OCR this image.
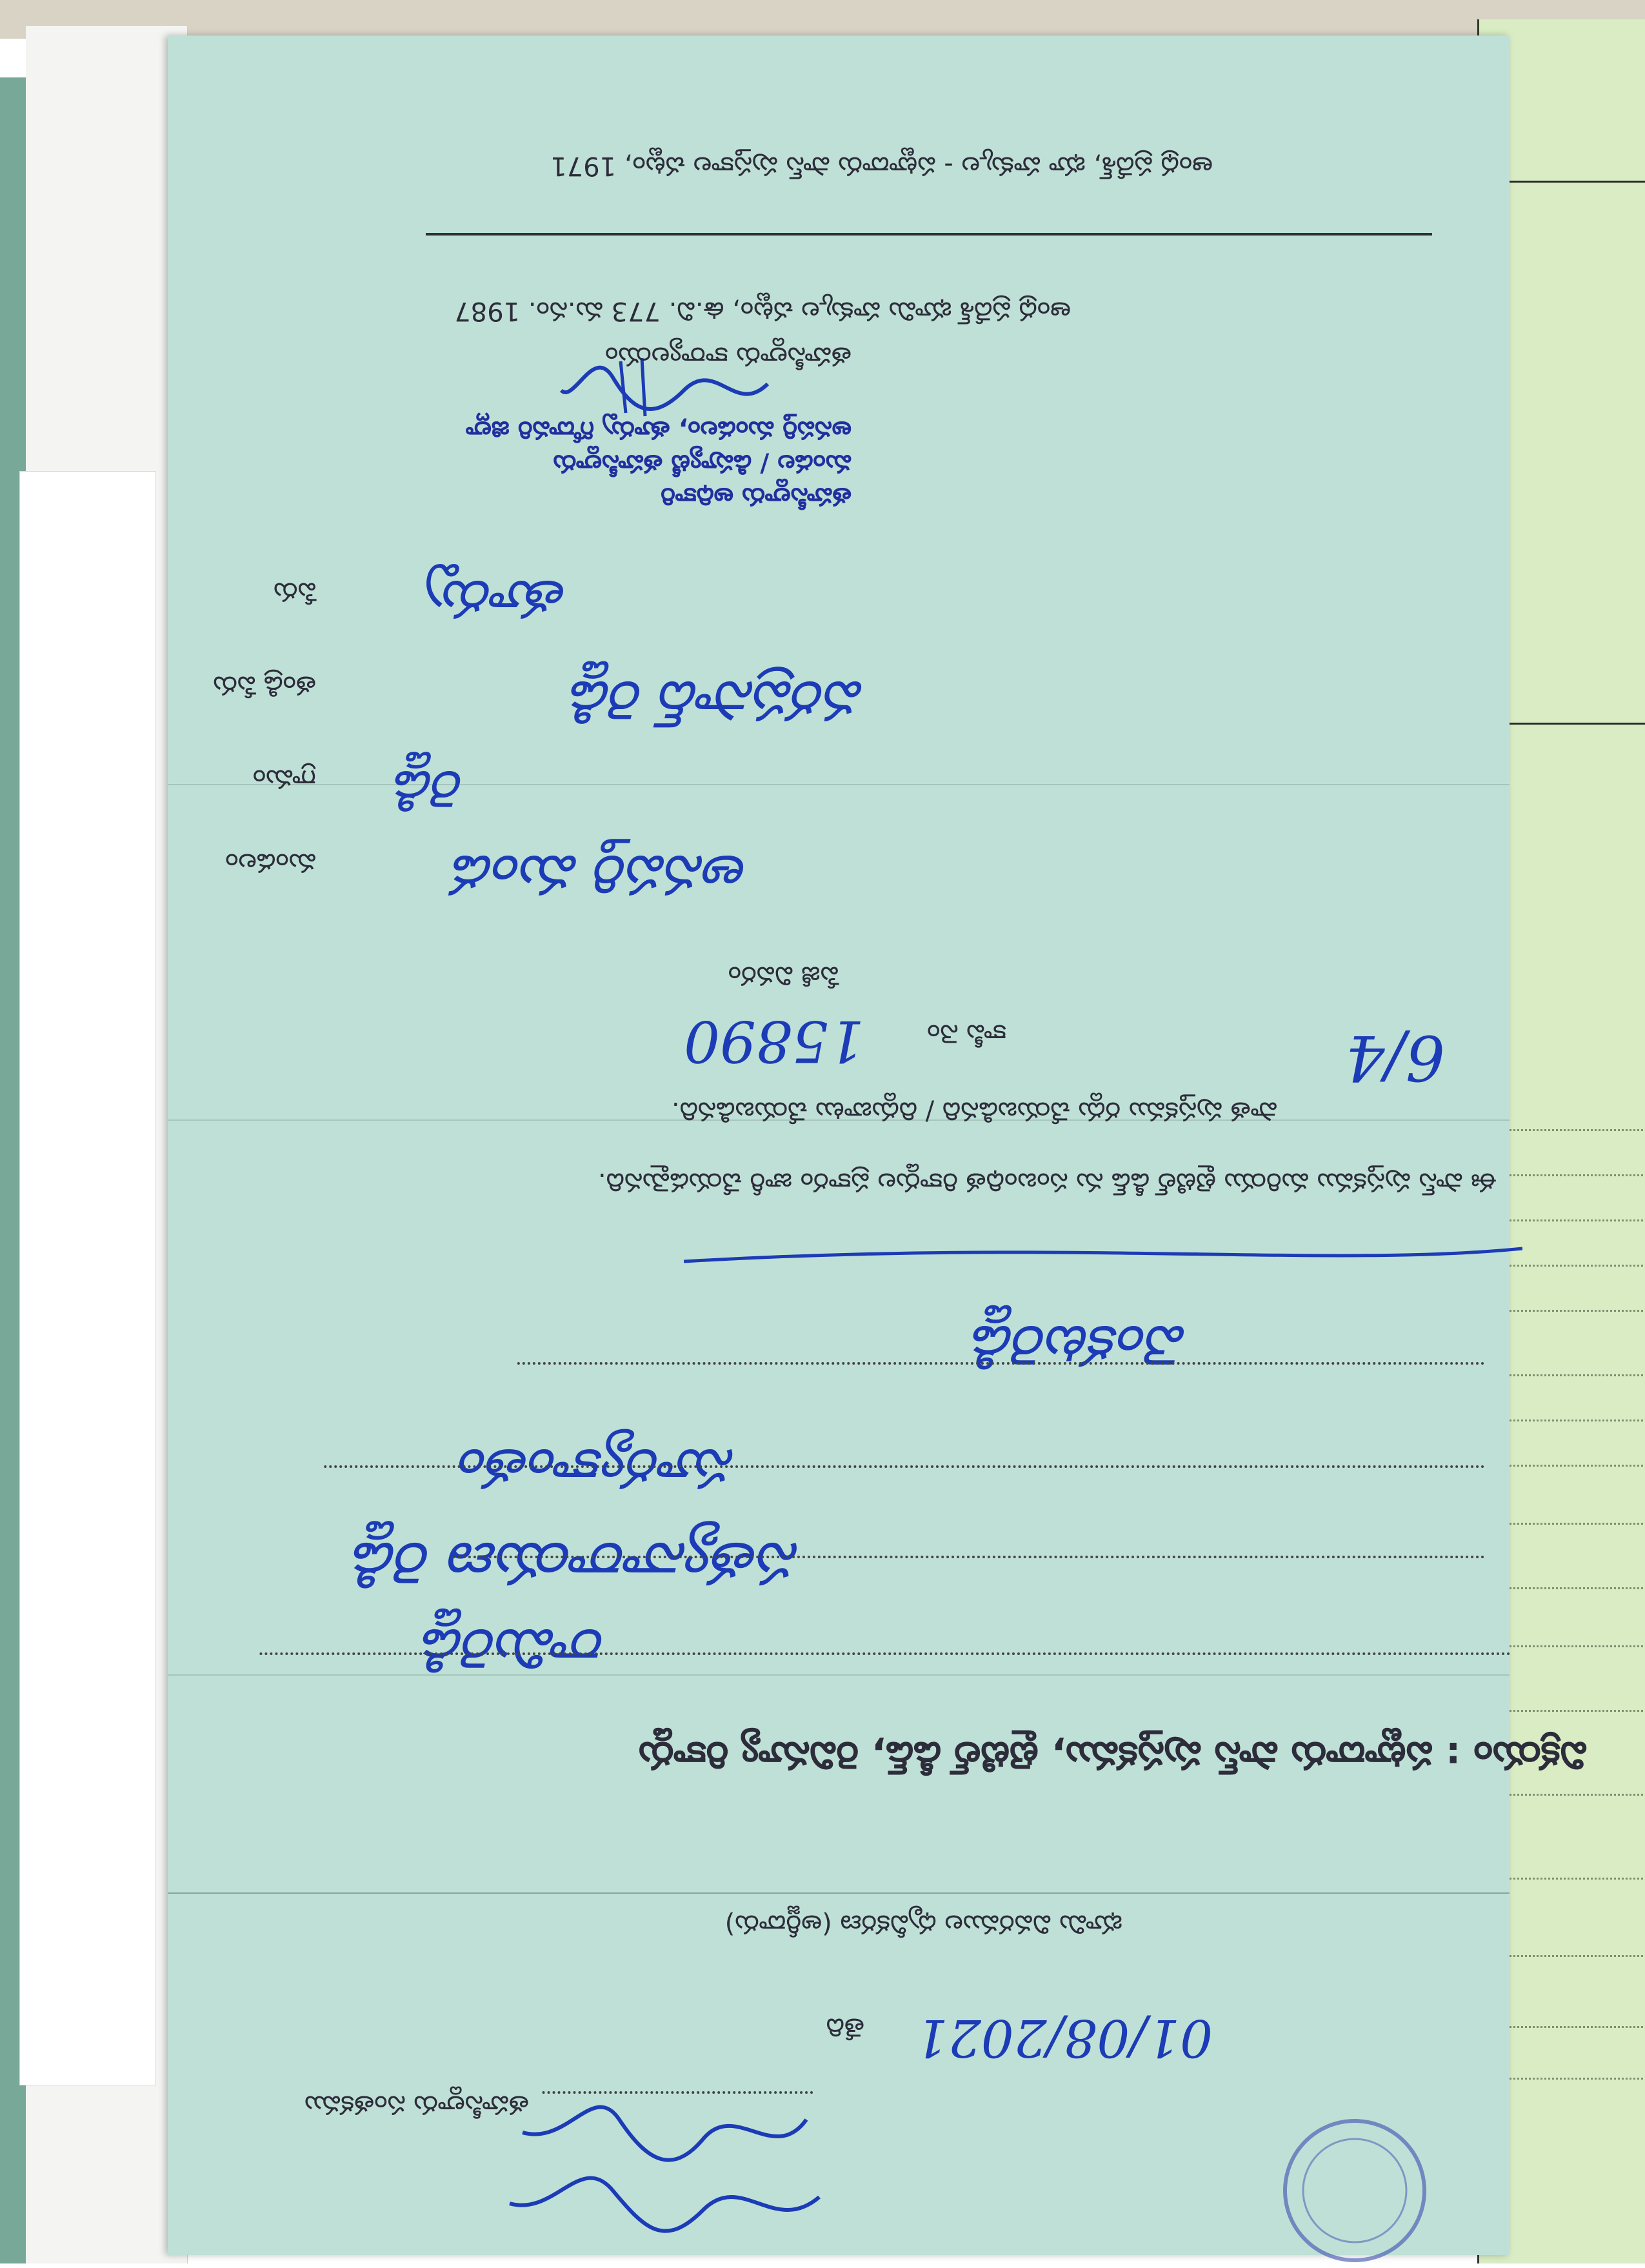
ఆంధ్ర ప్రదేశ్, భూ హక్కుల - పట్టాదారు పాస్ పుస్తకాల చట్టం, 1971
తహసీల్దారు అధికారి
మండల / డిప్యూటీ తహసీల్దారు
అనపర్తి మండలం, తూర్పు గోదావరి జిల్లా
తహసీల్దారు కార్యాలయం
ఆంధ్ర ప్రదేశ్ భూమి హక్కుల చట్టం, ఉ.వి. 773 మ.నం. 1987
పేరు తూర్పు
తండ్రి పేరు	వరప్రసాద్ రెడ్డి
గ్రామం రెడ్డి
మండలం	అనపర్తి మండ
పేజీ వివరం
కాపీ నెం
15890	6/4
పాత పుస్తకము రద్దు చేయబడినది / దిద్దుబాటు చేయబడినది.
ఈ పాస్ పుస్తకము మరియు టైటిల్ డీడ్ ను సంబంధిత రికార్డుల ప్రకారం జారీ చేయడమైనది.
వెంకటరెడ్డి
సూర్యకాంతం
సత్యనారాయణ రెడ్డి
రామిరెడ్డి
విక్రయం : పట్టాదారు పాస్ పుస్తకము, టైటిల్ డీడ్, రెవిన్యూ రికార్డు
భూమి వివరముల ధృవీకరణ (అర్జీదారు)
తేది 01/08/2021
తహసీల్దారు సంతకము
